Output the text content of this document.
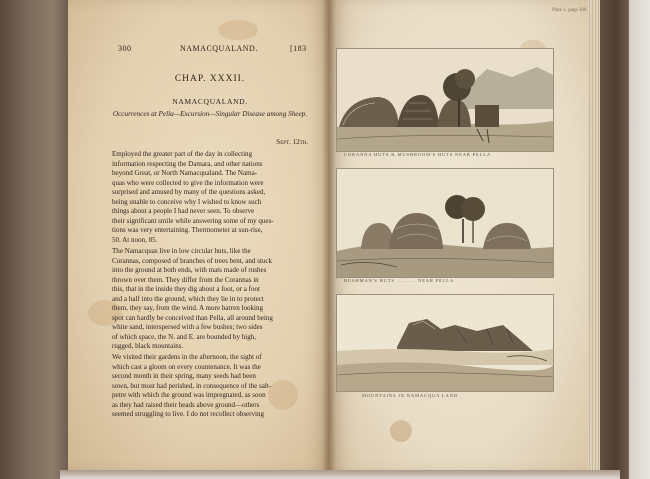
300	NAMACQUALAND.	[183
CHAP. XXXII.
NAMACQUALAND.
Occurrences at Pella—Excursion—Singular Disease among Sheep.
Sept. 12th.
Employed the greater part of the day in collecting
information respecting the Damara, and other nations
beyond Great, or North Namacqualand. The Nama-
quas who were collected to give the information were
surprised and amused by many of the questions asked,
being unable to conceive why I wished to know such
things about a people I had never seen. To observe
their significant smile while answering some of my ques-
tions was very entertaining. Thermometer at sun-rise,
50. At noon, 85.
The Namacquas live in low circular huts, like the
Corannas, composed of branches of trees bent, and stuck
into the ground at both ends, with mats made of rushes
thrown over them. They differ from the Corannas in
this, that in the inside they dig about a foot, or a foot
and a half into the ground, which they lie in to protect
them, they say, from the wind. A more barren looking
spot can hardly be conceived than Pella, all around being
white sand, interspersed with a few bushes; two sides
of which space, the N. and E. are bounded by high,
rugged, black mountains.
We visited their gardens in the afternoon, the sight of
which cast a gloom on every countenance. It was the
second month in their spring, many seeds had been
sown, but most had perished, in consequence of the salt-
petre with which the ground was impregnated, as soon
as they had raised their heads above ground—others
seemed struggling to live. I do not recollect observing
Plate 1. page 300
CORANNA HUTS & MUSHROOM'S HUTS NEAR PELLA
BUSHMAN'S HUTS .......... NEAR PELLA
MOUNTAINS IN NAMACQUA LAND
